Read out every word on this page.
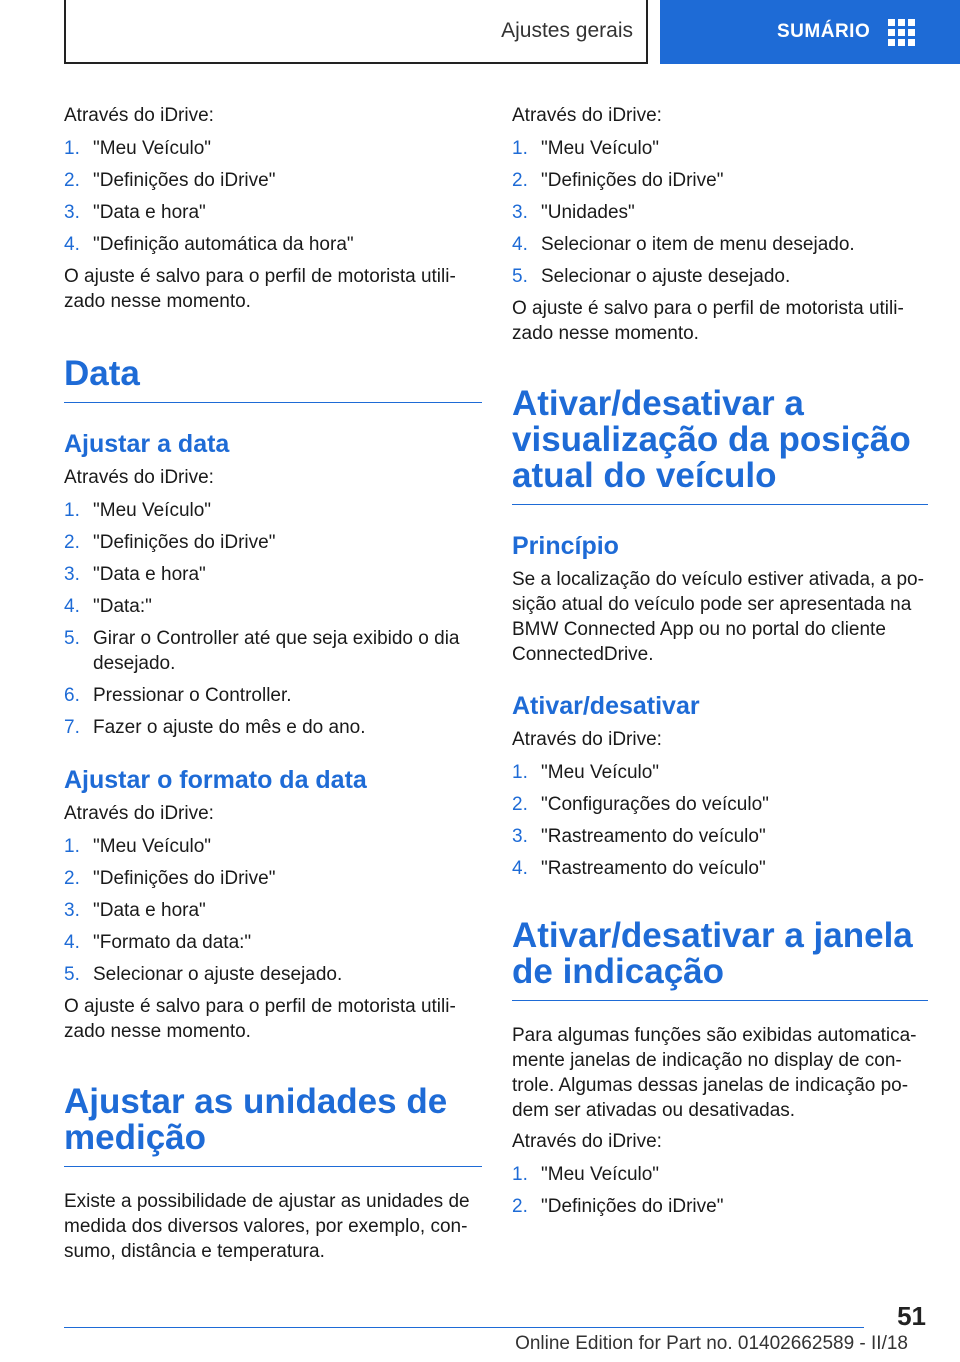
Ajustes gerais	SUMÁRIO

Através do iDrive:

1. "Meu Veículo"
2. "Definições do iDrive"
3. "Data e hora"
4. "Definição automática da hora"

O ajuste é salvo para o perfil de motorista utili‐zado nesse momento.

Data
Ajustar a data

Através do iDrive:

1. "Meu Veículo"
2. "Definições do iDrive"
3. "Data e hora"
4. "Data:"
5. Girar o Controller até que seja exibido o dia desejado.
6. Pressionar o Controller.
7. Fazer o ajuste do mês e do ano.
Ajustar o formato da data

Através do iDrive:

1. "Meu Veículo"
2. "Definições do iDrive"
3. "Data e hora"
4. "Formato da data:"
5. Selecionar o ajuste desejado.

O ajuste é salvo para o perfil de motorista utili‐zado nesse momento.

Ajustar as unidades de medição

Existe a possibilidade de ajustar as unidades de medida dos diversos valores, por exemplo, con‐sumo, distância e temperatura.

Através do iDrive:

1. "Meu Veículo"
2. "Definições do iDrive"
3. "Unidades"
4. Selecionar o item de menu desejado.
5. Selecionar o ajuste desejado.

O ajuste é salvo para o perfil de motorista utili‐zado nesse momento.

Ativar/desativar a visualização da posição atual do veículo
Princípio

Se a localização do veículo estiver ativada, a po‐sição atual do veículo pode ser apresentada na BMW Connected App ou no portal do cliente ConnectedDrive.

Ativar/desativar

Através do iDrive:

1. "Meu Veículo"
2. "Configurações do veículo"
3. "Rastreamento do veículo"
4. "Rastreamento do veículo"
Ativar/desativar a janela de indicação

Para algumas funções são exibidas automatica‐mente janelas de indicação no display de con‐trole. Algumas dessas janelas de indicação po‐dem ser ativadas ou desativadas.

Através do iDrive:

1. "Meu Veículo"
2. "Definições do iDrive"
51
Online Edition for Part no. 01402662589 - II/18
